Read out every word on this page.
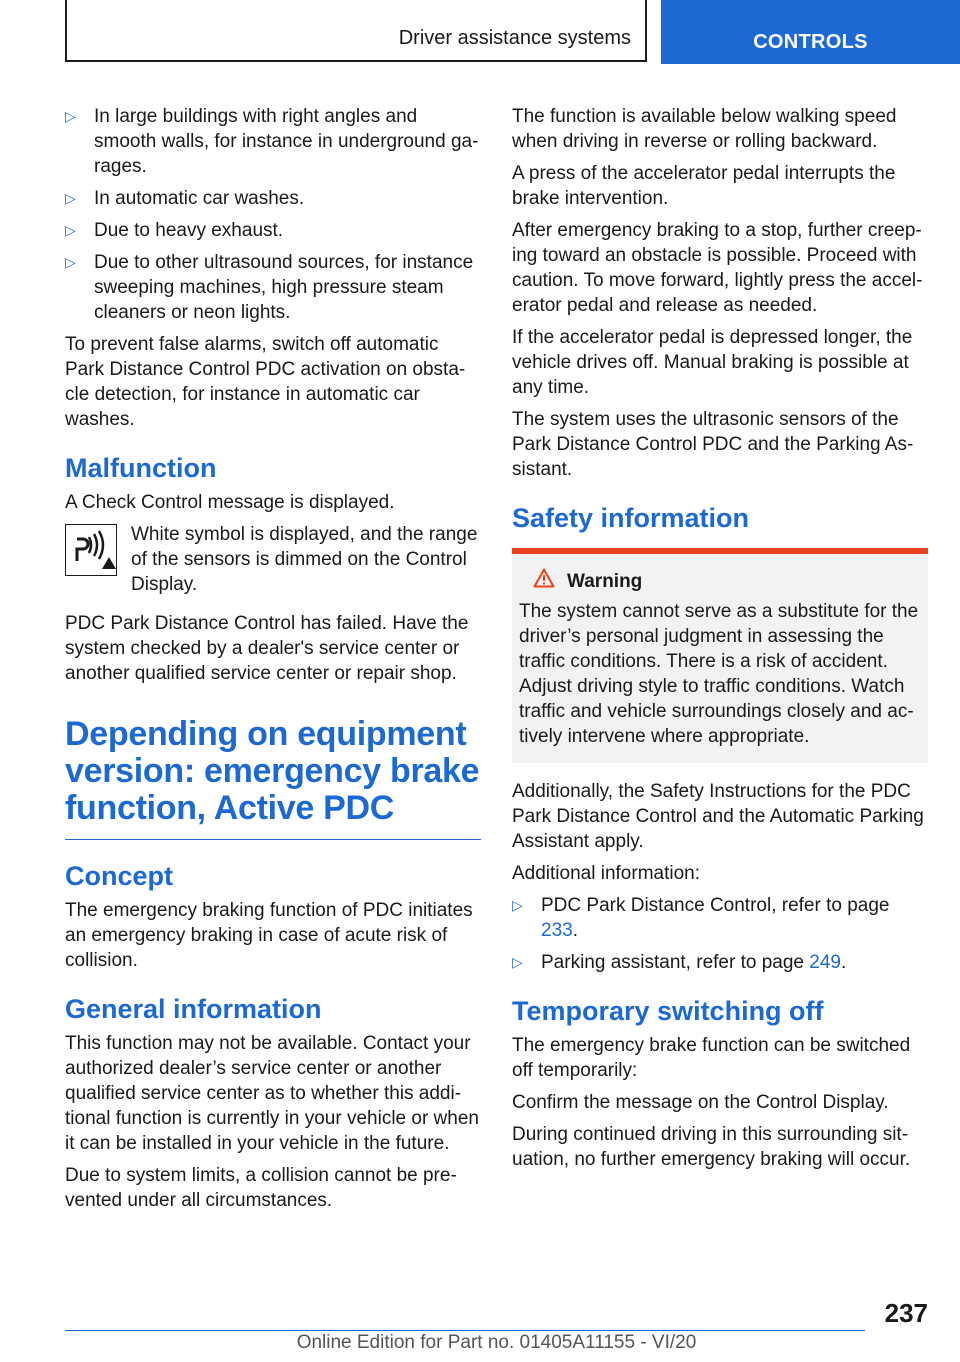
Driver assistance systems	CONTROLS
▷ In large buildings with right angles and smooth walls, for instance in underground ga‐rages.
▷ In automatic car washes.
▷ Due to heavy exhaust.
▷ Due to other ultrasound sources, for instance sweeping machines, high pressure steam cleaners or neon lights.

To prevent false alarms, switch off automatic Park Distance Control PDC activation on obsta‐cle detection, for instance in automatic car washes.

Malfunction

A Check Control message is displayed.

White symbol is displayed, and the range of the sensors is dimmed on the Control Display.

PDC Park Distance Control has failed. Have the system checked by a dealer's service center or another qualified service center or repair shop.

Depending on equipment version: emergency brake function, Active PDC
Concept

The emergency braking function of PDC initiates an emergency braking in case of acute risk of collision.

General information

This function may not be available. Contact your authorized dealer’s service center or another qualified service center as to whether this addi‐tional function is currently in your vehicle or when it can be installed in your vehicle in the future.

Due to system limits, a collision cannot be pre‐vented under all circumstances.

The function is available below walking speed when driving in reverse or rolling backward.

A press of the accelerator pedal interrupts the brake intervention.

After emergency braking to a stop, further creep‐ing toward an obstacle is possible. Proceed with caution. To move forward, lightly press the accel‐erator pedal and release as needed.

If the accelerator pedal is depressed longer, the vehicle drives off. Manual braking is possible at any time.

The system uses the ultrasonic sensors of the Park Distance Control PDC and the Parking As‐sistant.

Safety information
Warning
The system cannot serve as a substitute for the driver’s personal judgment in assessing the traffic conditions. There is a risk of accident. Adjust driving style to traffic conditions. Watch traffic and vehicle surroundings closely and ac‐tively intervene where appropriate.

Additionally, the Safety Instructions for the PDC Park Distance Control and the Automatic Parking Assistant apply.

Additional information:

▷ PDC Park Distance Control, refer to page 233.
▷ Parking assistant, refer to page 249.
Temporary switching off

The emergency brake function can be switched off temporarily:

Confirm the message on the Control Display.

During continued driving in this surrounding sit‐uation, no further emergency braking will occur.

237
Online Edition for Part no. 01405A11155 - VI/20
